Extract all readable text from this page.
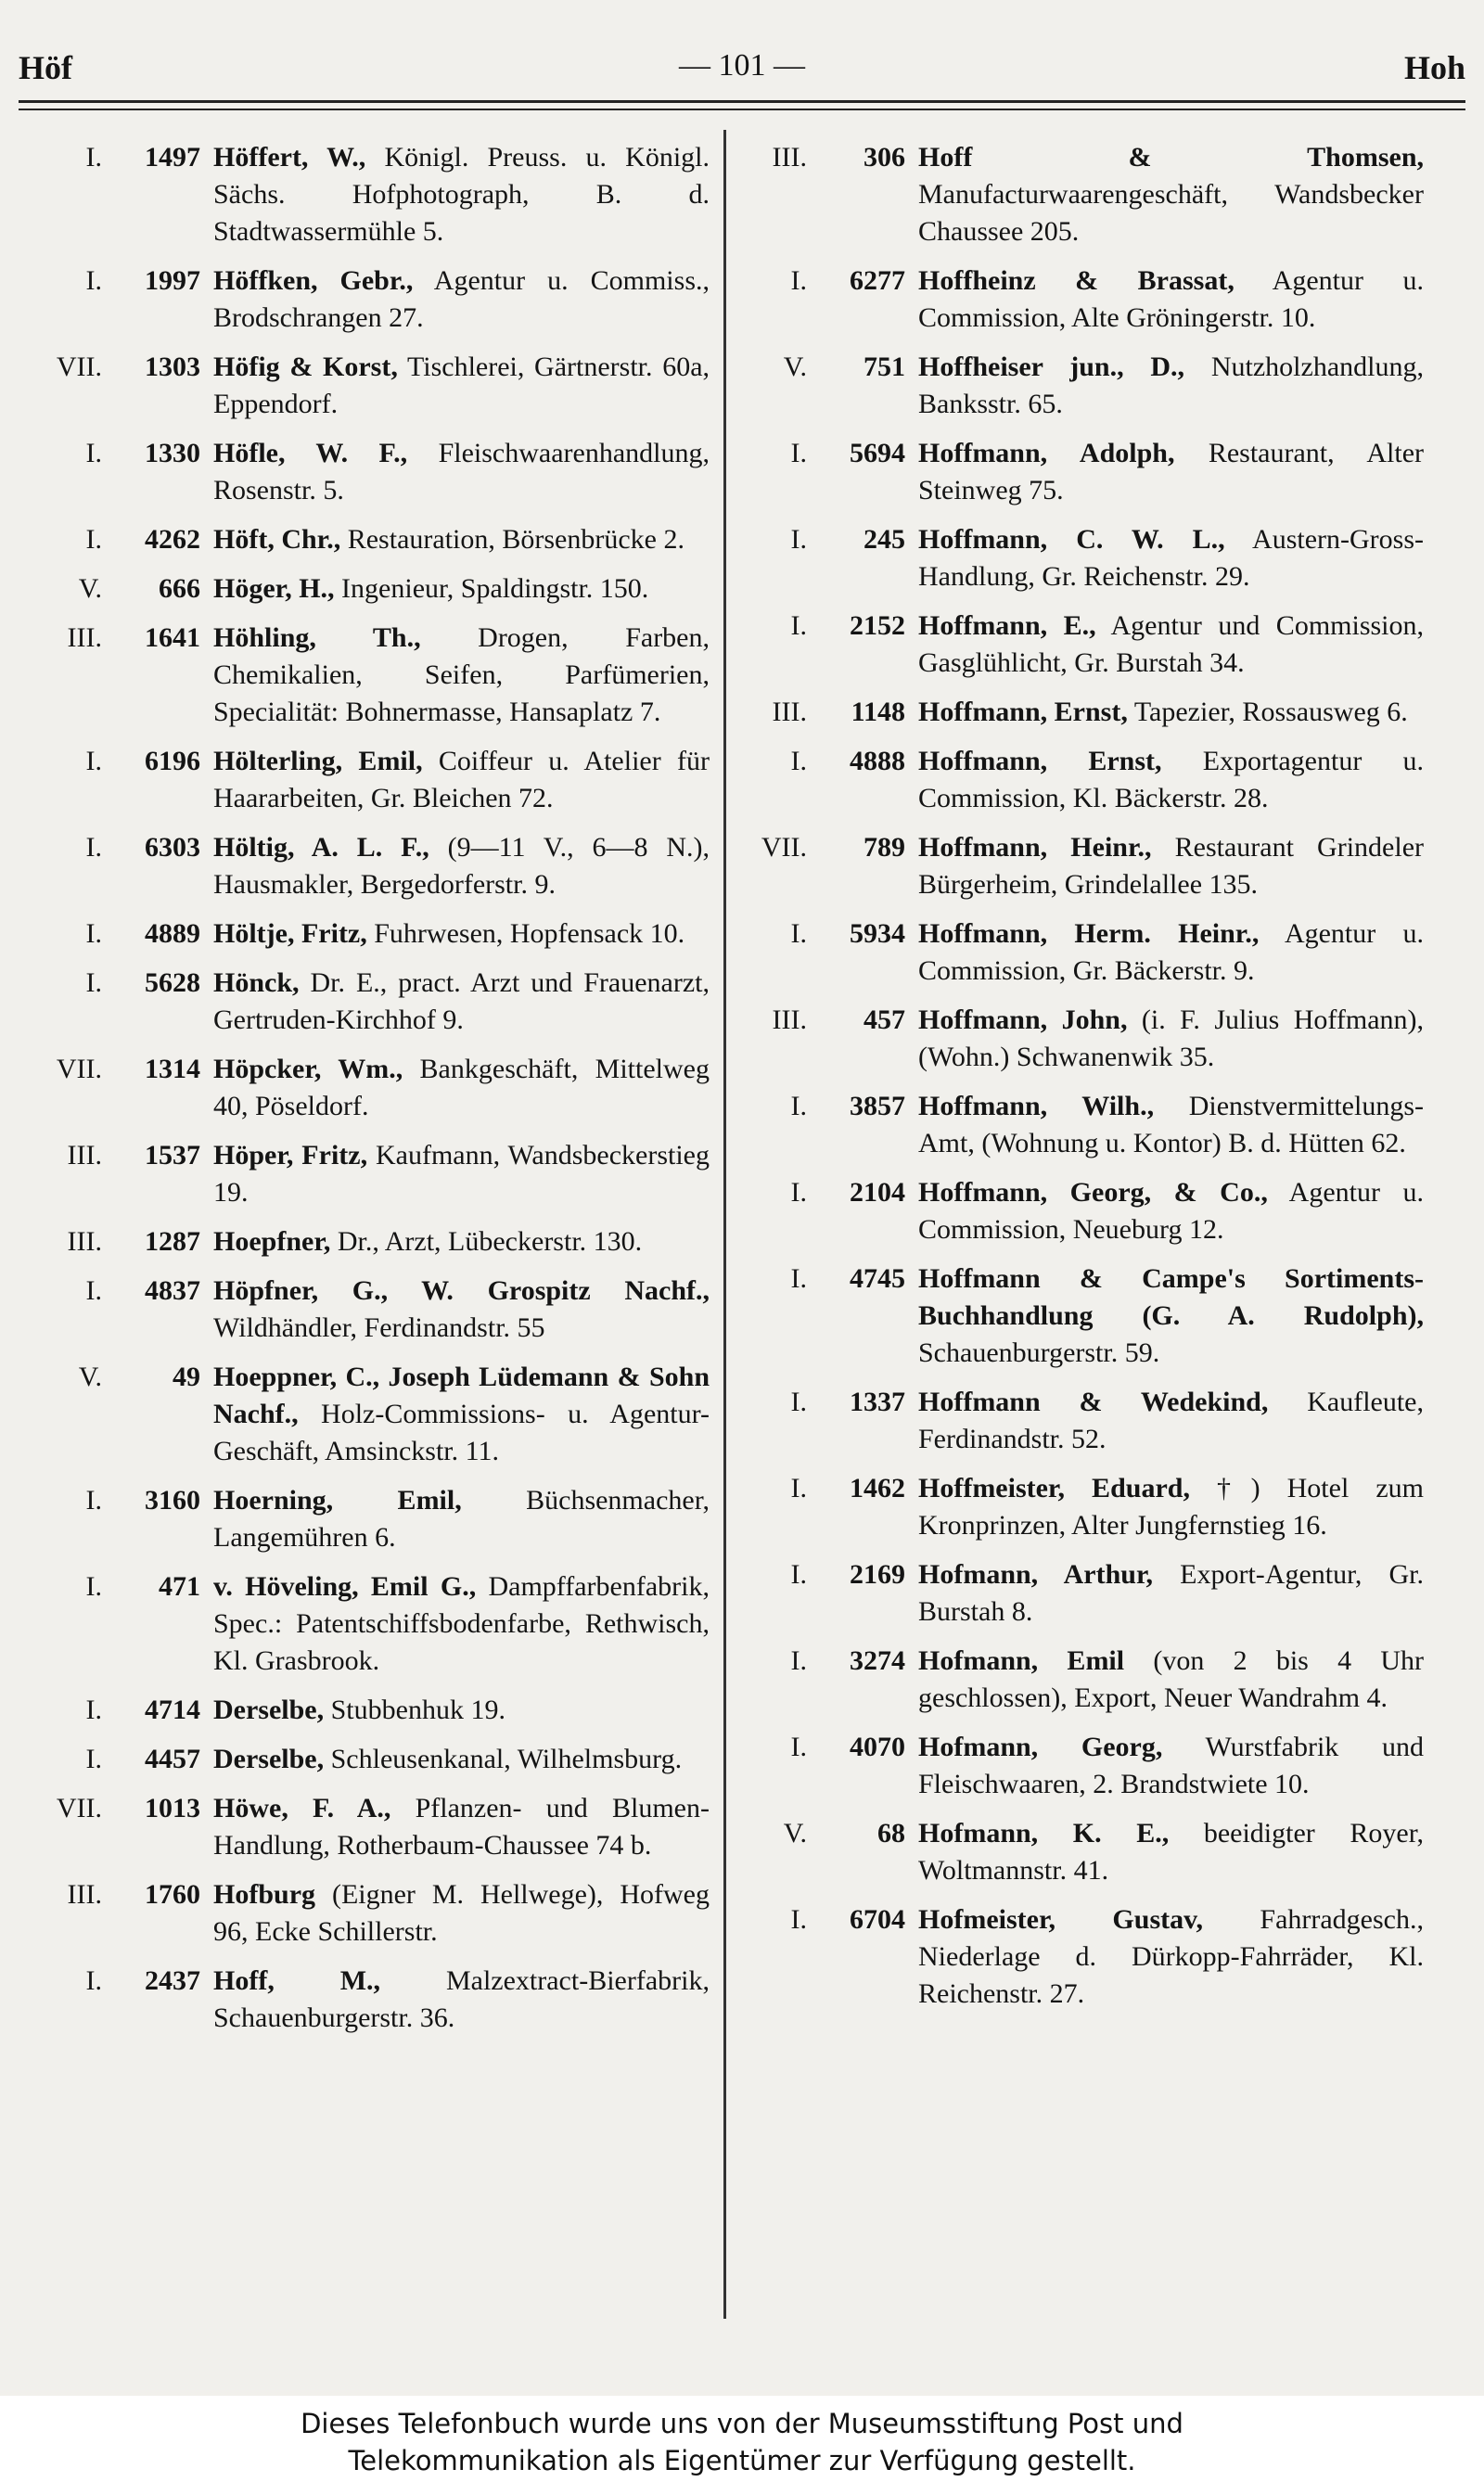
— 101 —
Höf	Hoh
I.	1497 Höffert, W., Königl. Preuss. u. Königl. Sächs. Hofphotograph, B. d. Stadtwassermühle 5.
I.	1997 Höffken, Gebr., Agentur u. Commiss., Brodschrangen 27.
VII.	1303 Höfig & Korst, Tischlerei, Gärtnerstr. 60a, Eppendorf.
I.	1330 Höfle, W. F., Fleischwaarenhandlung, Rosenstr. 5.
I.	4262 Höft, Chr., Restauration, Börsenbrücke 2.
V.	666 Höger, H., Ingenieur, Spaldingstr. 150.
III.	1641 Höhling, Th., Drogen, Farben, Chemikalien, Seifen, Parfümerien, Specialität: Bohnermasse, Hansaplatz 7.
I.	6196 Hölterling, Emil, Coiffeur u. Atelier für Haararbeiten, Gr. Bleichen 72.
I.	6303 Höltig, A. L. F., (9—11 V., 6—8 N.), Hausmakler, Bergedorferstr. 9.
I.	4889 Höltje, Fritz, Fuhrwesen, Hopfensack 10.
I.	5628 Hönck, Dr. E., pract. Arzt und Frauenarzt, Gertruden-Kirchhof 9.
VII.	1314 Höpcker, Wm., Bankgeschäft, Mittelweg 40, Pöseldorf.
III.	1537 Höper, Fritz, Kaufmann, Wandsbeckerstieg 19.
III.	1287 Hoepfner, Dr., Arzt, Lübeckerstr. 130.
I.	4837 Höpfner, G., W. Grospitz Nachf., Wildhändler, Ferdinandstr. 55
V.	49 Hoeppner, C., Joseph Lüdemann & Sohn Nachf., Holz-Commissions- u. Agentur-Geschäft, Amsinckstr. 11.
I.	3160 Hoerning, Emil, Büchsenmacher, Langemühren 6.
I.	471 v. Höveling, Emil G., Dampffarbenfabrik, Spec.: Patentschiffsbodenfarbe, Rethwisch, Kl. Grasbrook.
I.	4714 Derselbe, Stubbenhuk 19.
I.	4457 Derselbe, Schleusenkanal, Wilhelmsburg.
VII.	1013 Höwe, F. A., Pflanzen- und Blumen-Handlung, Rotherbaum-Chaussee 74 b.
III.	1760 Hofburg (Eigner M. Hellwege), Hofweg 96, Ecke Schillerstr.
I.	2437 Hoff, M., Malzextract-Bierfabrik, Schauenburgerstr. 36.
III.	306 Hoff & Thomsen, Manufacturwaarengeschäft, Wandsbecker Chaussee 205.
I.	6277 Hoffheinz & Brassat, Agentur u. Commission, Alte Gröningerstr. 10.
V.	751 Hoffheiser jun., D., Nutzholzhandlung, Banksstr. 65.
I.	5694 Hoffmann, Adolph, Restaurant, Alter Steinweg 75.
I.	245 Hoffmann, C. W. L., Austern-Gross-Handlung, Gr. Reichenstr. 29.
I.	2152 Hoffmann, E., Agentur und Commission, Gasglühlicht, Gr. Burstah 34.
III.	1148 Hoffmann, Ernst, Tapezier, Rossausweg 6.
I.	4888 Hoffmann, Ernst, Exportagentur u. Commission, Kl. Bäckerstr. 28.
VII.	789 Hoffmann, Heinr., Restaurant Grindeler Bürgerheim, Grindelallee 135.
I.	5934 Hoffmann, Herm. Heinr., Agentur u. Commission, Gr. Bäckerstr. 9.
III.	457 Hoffmann, John, (i. F. Julius Hoffmann), (Wohn.) Schwanenwik 35.
I.	3857 Hoffmann, Wilh., Dienstvermittelungs-Amt, (Wohnung u. Kontor) B. d. Hütten 62.
I.	2104 Hoffmann, Georg, & Co., Agentur u. Commission, Neueburg 12.
I.	4745 Hoffmann & Campe's Sortiments-Buchhandlung (G. A. Rudolph), Schauenburgerstr. 59.
I.	1337 Hoffmann & Wedekind, Kaufleute, Ferdinandstr. 52.
I.	1462 Hoffmeister, Eduard, †) Hotel zum Kronprinzen, Alter Jungfernstieg 16.
I.	2169 Hofmann, Arthur, Export-Agentur, Gr. Burstah 8.
I.	3274 Hofmann, Emil (von 2 bis 4 Uhr geschlossen), Export, Neuer Wandrahm 4.
I.	4070 Hofmann, Georg, Wurstfabrik und Fleischwaaren, 2. Brandstwiete 10.
V.	68 Hofmann, K. E., beeidigter Royer, Woltmannstr. 41.
I.	6704 Hofmeister, Gustav, Fahrradgesch., Niederlage d. Dürkopp-Fahrräder, Kl. Reichenstr. 27.
Dieses Telefonbuch wurde uns von der Museumsstiftung Post und
Telekommunikation als Eigentümer zur Verfügung gestellt.
